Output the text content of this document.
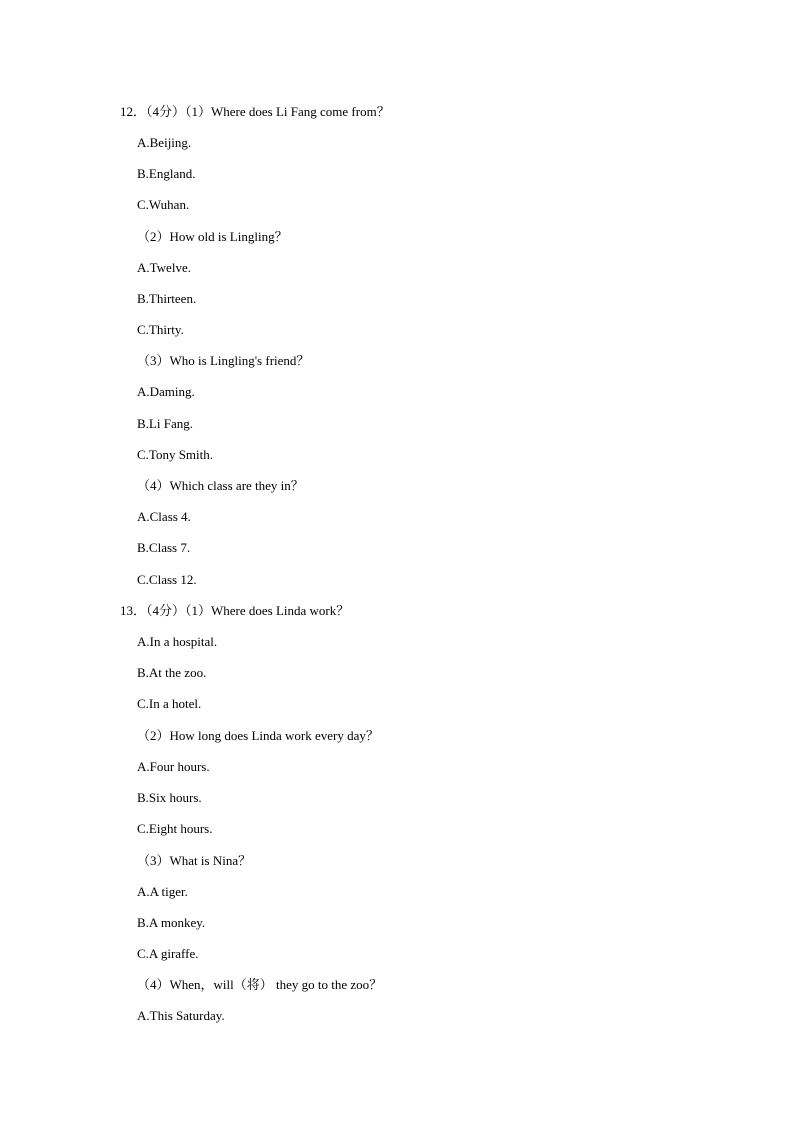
12．（4分）（1）Where does Li Fang come from？
A.Beijing.
B.England.
C.Wuhan.
（2）How old is Lingling？
A.Twelve.
B.Thirteen.
C.Thirty.
（3）Who is Lingling's friend？
A.Daming.
B.Li Fang.
C.Tony Smith.
（4）Which class are they in？
A.Class 4.
B.Class 7.
C.Class 12.
13．（4分）（1）Where does Linda work？
A.In a hospital.
B.At the zoo.
C.In a hotel.
（2）How long does Linda work every day？
A.Four hours.
B.Six hours.
C.Eight hours.
（3）What is Nina？
A.A tiger.
B.A monkey.
C.A giraffe.
（4）When，will（将） they go to the zoo？
A.This Saturday.
